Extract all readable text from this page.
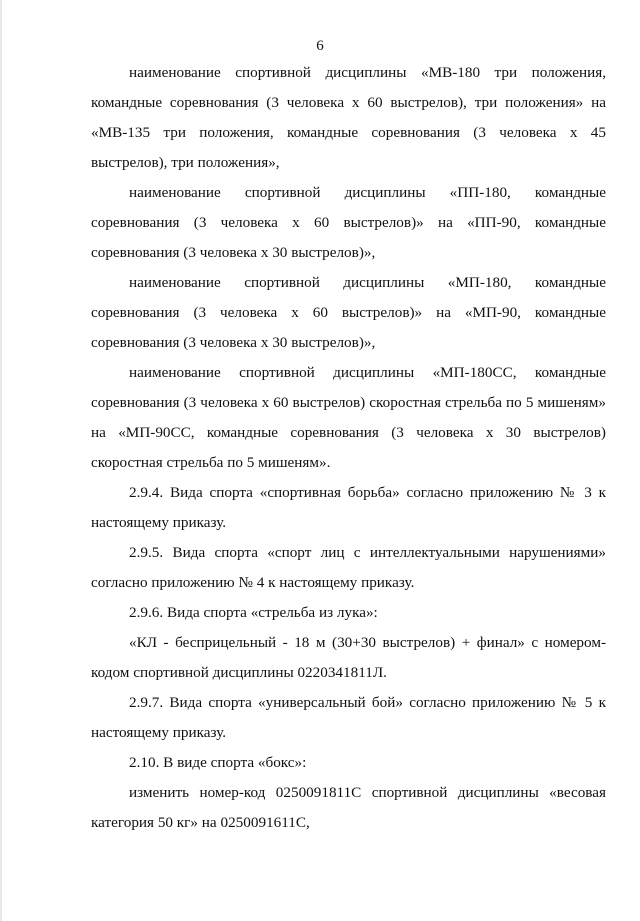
6

наименование спортивной дисциплины «МВ-180 три положения, командные соревнования (3 человека х 60 выстрелов), три положения» на «МВ-135 три положения, командные соревнования (3 человека х 45 выстрелов), три положения»,

наименование спортивной дисциплины «ПП-180, командные соревнования (3 человека х 60 выстрелов)» на «ПП-90, командные соревнования (3 человека х 30 выстрелов)»,

наименование спортивной дисциплины «МП-180, командные соревнования (3 человека х 60 выстрелов)» на «МП-90, командные соревнования (3 человека х 30 выстрелов)»,

наименование спортивной дисциплины «МП-180СС, командные соревнования (3 человека х 60 выстрелов) скоростная стрельба по 5 мишеням» на «МП-90СС, командные соревнования (3 человека х 30 выстрелов) скоростная стрельба по 5 мишеням».

2.9.4. Вида спорта «спортивная борьба» согласно приложению № 3 к настоящему приказу.

2.9.5. Вида спорта «спорт лиц с интеллектуальными нарушениями» согласно приложению № 4 к настоящему приказу.

2.9.6. Вида спорта «стрельба из лука»:

«КЛ - бесприцельный - 18 м (30+30 выстрелов) + финал» с номером-кодом спортивной дисциплины 0220341811Л.

2.9.7. Вида спорта «универсальный бой» согласно приложению № 5 к настоящему приказу.

2.10. В виде спорта «бокс»:

изменить номер-код 0250091811С спортивной дисциплины «весовая категория 50 кг» на 0250091611С,
